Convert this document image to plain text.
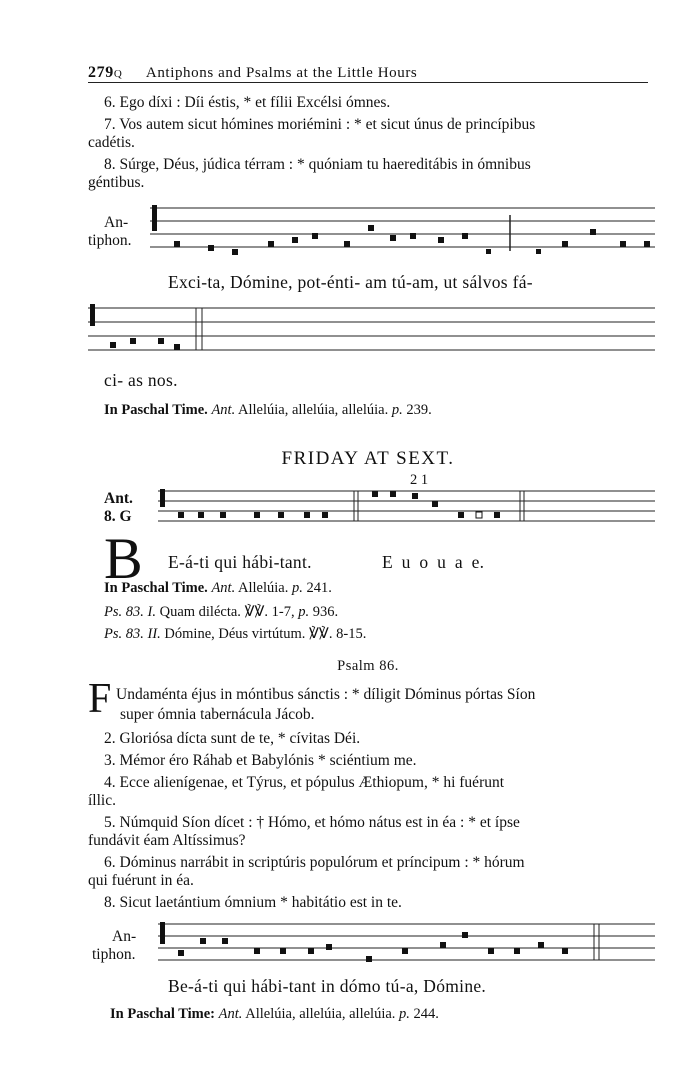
279Q Antiphons and Psalms at the Little Hours
6. Ego díxi : Díi éstis, * et fílii Excélsi ómnes.
7. Vos autem sicut hómines moriémini : * et sicut únus de princípibus
cadétis.
8. Súrge, Déus, júdica térram : * quóniam tu haereditábis in ómnibus
géntibus.
An-
tiphon.
Exci-ta, Dómine, pot-énti- am tú-am, ut sálvos fá-
ci- as nos.
In Paschal Time. Ant. Allelúia, allelúia, allelúia. p. 239.
FRIDAY AT SEXT.
Ant.
8. G
2 1
B E-á-ti qui hábi-tant.	E u o u a e.
In Paschal Time. Ant. Allelúia. p. 241.
Ps. 83. I. Quam diléсta. ℣℣. 1-7, p. 936.
Ps. 83. II. Dómine, Déus virtútum. ℣℣. 8-15.
Psalm 86.
F Undaménta éjus in móntibus sánctis : * díligit Dóminus pórtas Síon
super ómnia tabernácula Jácob.
2. Gloriósa dícta sunt de te, * cívitas Déi.
3. Mémor éro Ráhab et Babylónis * sciéntium me.
4. Ecce alienígenae, et Týrus, et pópulus Æthiopum, * hi fuérunt
íllic.
5. Númquid Síon dícet : † Hómo, et hómo nátus est in éa : * et ípse
fundávit éam Altíssimus?
6. Dóminus narrábit in scriptúris populórum et príncipum : * hórum
qui fuérunt in éa.
8. Sicut laetántium ómnium * habitátio est in te.
An-
tiphon.
Be-á-ti qui hábi-tant in dómo tú-a, Dómine.
In Paschal Time: Ant. Allelúia, allelúia, allelúia. p. 244.
